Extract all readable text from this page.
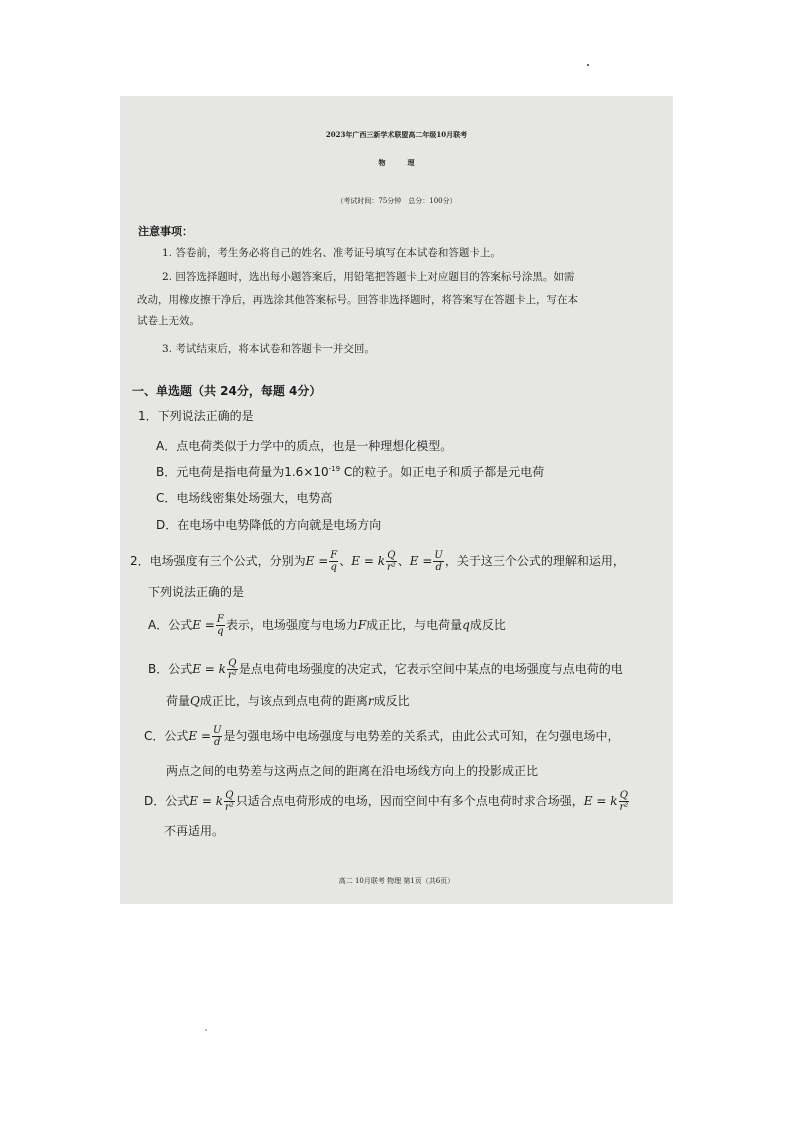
2023年广西三新学术联盟高二年级10月联考
物理
（考试时间：75分钟　总分：100分）
注意事项：
1. 答卷前，考生务必将自己的姓名、准考证号填写在本试卷和答题卡上。
2. 回答选择题时，选出每小题答案后，用铅笔把答题卡上对应题目的答案标号涂黑。如需
改动，用橡皮擦干净后，再选涂其他答案标号。回答非选择题时，将答案写在答题卡上，写在本
试卷上无效。
3. 考试结束后，将本试卷和答题卡一并交回。
一、单选题（共 24分，每题 4分）
1．下列说法正确的是
A．点电荷类似于力学中的质点，也是一种理想化模型。
B．元电荷是指电荷量为$1.6\times 10^{-19}$ C的粒子。如正电子和质子都是元电荷
C．电场线密集处场强大，电势高
D．在电场中电势降低的方向就是电场方向
2．电场强度有三个公式，分别为$E = \frac{F}{q}$ 、E = k $\frac{Q}{\text{r²}}$ 、$E = \frac{U}{d}$ ，关于这三个公式的理解和运用，
下列说法正确的是
A．公式$E = \frac{F}{q}$ 表示，电场强度与电场力F成正比，与电荷量q成反比
B．公式E = k $\frac{Q}{\text{r²}}$ 是点电荷电场强度的决定式，它表示空间中某点的电场强度与点电荷的电
荷量Q成正比，与该点到点电荷的距离r成反比
C．公式$E = \frac{U}{d}$ 是匀强电场中电场强度与电势差的关系式，由此公式可知，在匀强电场中，
两点之间的电势差与这两点之间的距离在沿电场线方向上的投影成正比
D．公式E = k $\frac{Q}{\text{r²}}$ 只适合点电荷形成的电场，因而空间中有多个点电荷时求合场强，E = k $\frac{Q}{\text{r²}}$
不再适用。
高二 10月联考 物理 第1页（共6页）
